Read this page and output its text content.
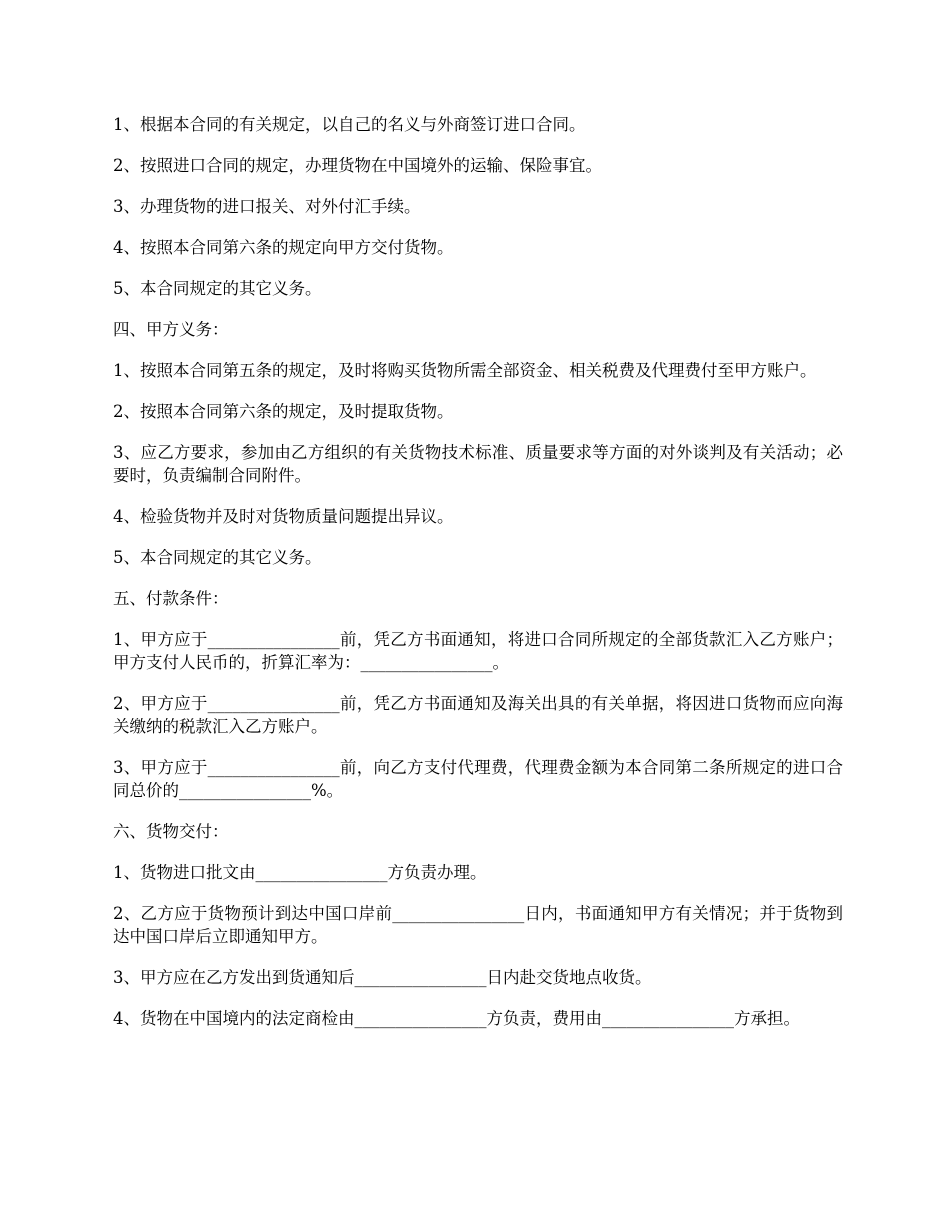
1、根据本合同的有关规定，以自己的名义与外商签订进口合同。

2、按照进口合同的规定，办理货物在中国境外的运输、保险事宜。

3、办理货物的进口报关、对外付汇手续。

4、按照本合同第六条的规定向甲方交付货物。

5、本合同规定的其它义务。

四、甲方义务：

1、按照本合同第五条的规定，及时将购买货物所需全部资金、相关税费及代理费付至甲方账户。

2、按照本合同第六条的规定，及时提取货物。

3、应乙方要求，参加由乙方组织的有关货物技术标准、质量要求等方面的对外谈判及有关活动；必要时，负责编制合同附件。

4、检验货物并及时对货物质量问题提出异议。

5、本合同规定的其它义务。

五、付款条件：

1、甲方应于________________前，凭乙方书面通知，将进口合同所规定的全部货款汇入乙方账户；甲方支付人民币的，折算汇率为：________________。

2、甲方应于________________前，凭乙方书面通知及海关出具的有关单据，将因进口货物而应向海关缴纳的税款汇入乙方账户。

3、甲方应于________________前，向乙方支付代理费，代理费金额为本合同第二条所规定的进口合同总价的________________%。

六、货物交付：

1、货物进口批文由________________方负责办理。

2、乙方应于货物预计到达中国口岸前________________日内，书面通知甲方有关情况；并于货物到达中国口岸后立即通知甲方。

3、甲方应在乙方发出到货通知后________________日内赴交货地点收货。

4、货物在中国境内的法定商检由________________方负责，费用由________________方承担。
